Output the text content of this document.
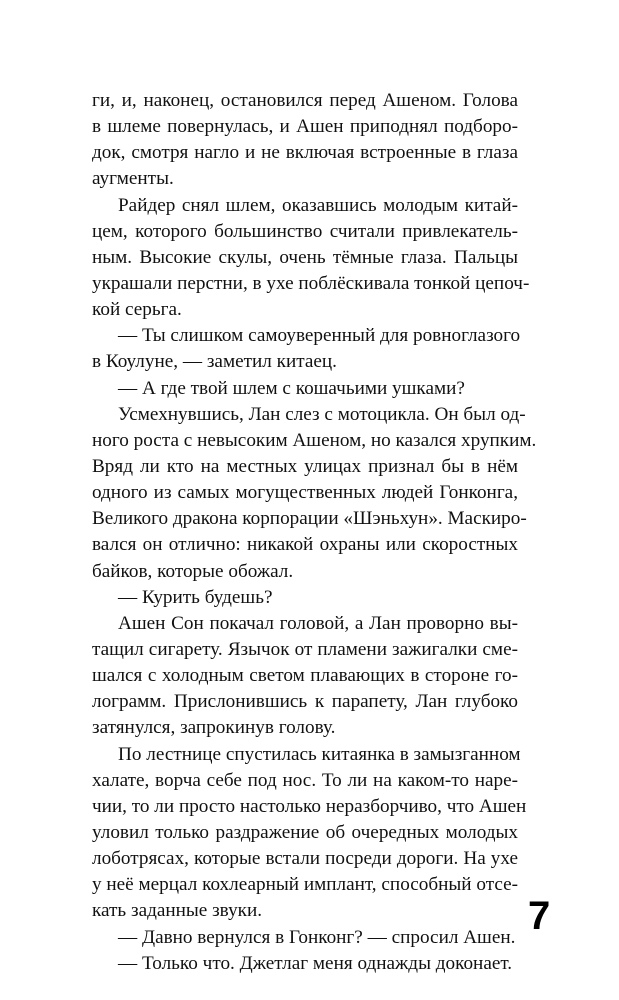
ги, и, наконец, остановился перед Ашеном. Голова
в шлеме повернулась, и Ашен приподнял подборо-
док, смотря нагло и не включая встроенные в глаза
аугменты.
Райдер снял шлем, оказавшись молодым китай-
цем, которого большинство считали привлекатель-
ным. Высокие скулы, очень тёмные глаза. Пальцы
украшали перстни, в ухе поблёскивала тонкой цепоч-
кой серьга.
— Ты слишком самоуверенный для ровноглазого
в Коулуне, — заметил китаец.
— А где твой шлем с кошачьими ушками?
Усмехнувшись, Лан слез с мотоцикла. Он был од-
ного роста с невысоким Ашеном, но казался хрупким.
Вряд ли кто на местных улицах признал бы в нём
одного из самых могущественных людей Гонконга,
Великого дракона корпорации «Шэньхун». Маскиро-
вался он отлично: никакой охраны или скоростных
байков, которые обожал.
— Курить будешь?
Ашен Сон покачал головой, а Лан проворно вы-
тащил сигарету. Язычок от пламени зажигалки сме-
шался с холодным светом плавающих в стороне го-
лограмм. Прислонившись к парапету, Лан глубоко
затянулся, запрокинув голову.
По лестнице спустилась китаянка в замызганном
халате, ворча себе под нос. То ли на каком-то наре-
чии, то ли просто настолько неразборчиво, что Ашен
уловил только раздражение об очередных молодых
лоботрясах, которые встали посреди дороги. На ухе
у неё мерцал кохлеарный имплант, способный отсе-
кать заданные звуки.
— Давно вернулся в Гонконг? — спросил Ашен.
— Только что. Джетлаг меня однажды доконает.
7
